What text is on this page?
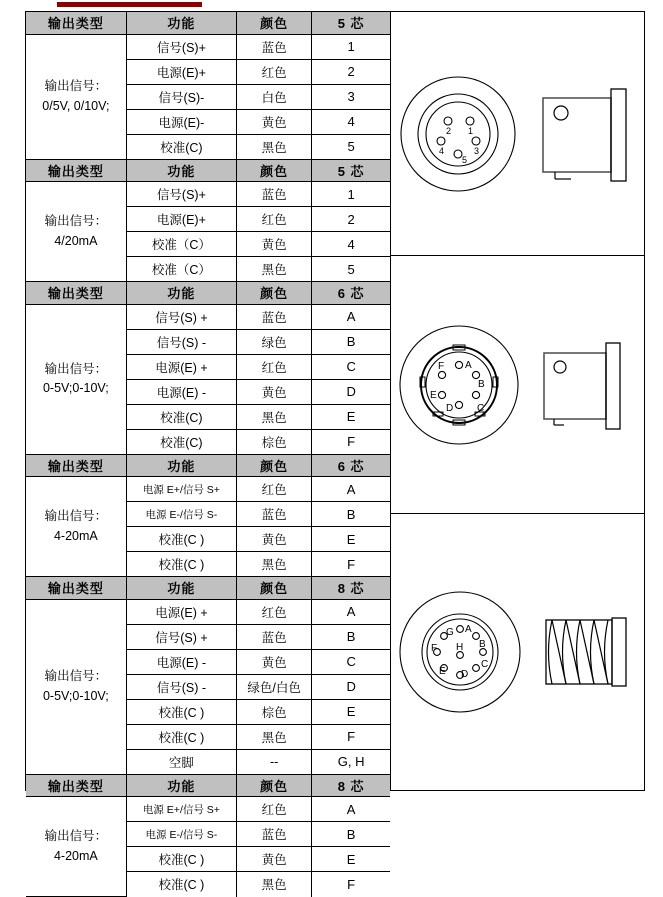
输出类型	功能	颜色	5 芯

输出信号：
0/5V, 0/10V;	信号(S)+	蓝色	1
	电源(E)+	红色	2
	信号(S)-	白色	3
	电源(E)-	黄色	4
	校准(C)	黑色	5
输出类型	功能	颜色	5 芯

输出信号：
4/20mA	信号(S)+	蓝色	1
	电源(E)+	红色	2
	校准（C）	黄色	4
	校准（C）	黑色	5
输出类型	功能	颜色	6 芯

输出信号：
0-5V;0-10V;	信号(S) +	蓝色	A
	信号(S) -	绿色	B
	电源(E) +	红色	C
	电源(E) -	黄色	D
	校准(C)	黑色	E
	校准(C)	棕色	F
输出类型	功能	颜色	6 芯

输出信号：
4-20mA	电源 E+/信号 S+	红色	A
	电源 E-/信号 S-	蓝色	B
	校准(C )	黄色	E
	校准(C )	黑色	F
输出类型	功能	颜色	8 芯

输出信号：
0-5V;0-10V;	电源(E) +	红色	A
	信号(S) +	蓝色	B
	电源(E) -	黄色	C
	信号(S) -	绿色/白色	D
	校准(C )	棕色	E
	校准(C )	黑色	F
	空脚	--	G, H
输出类型	功能	颜色	8 芯

输出信号：
4-20mA	电源 E+/信号 S+	红色	A
	电源 E-/信号 S-	蓝色	B
	校准(C )	黄色	E
	校准(C )	黑色	F
2 1
4	3
5
A
B
C
D
E
F
A
B
C
D
E
F
G
H
